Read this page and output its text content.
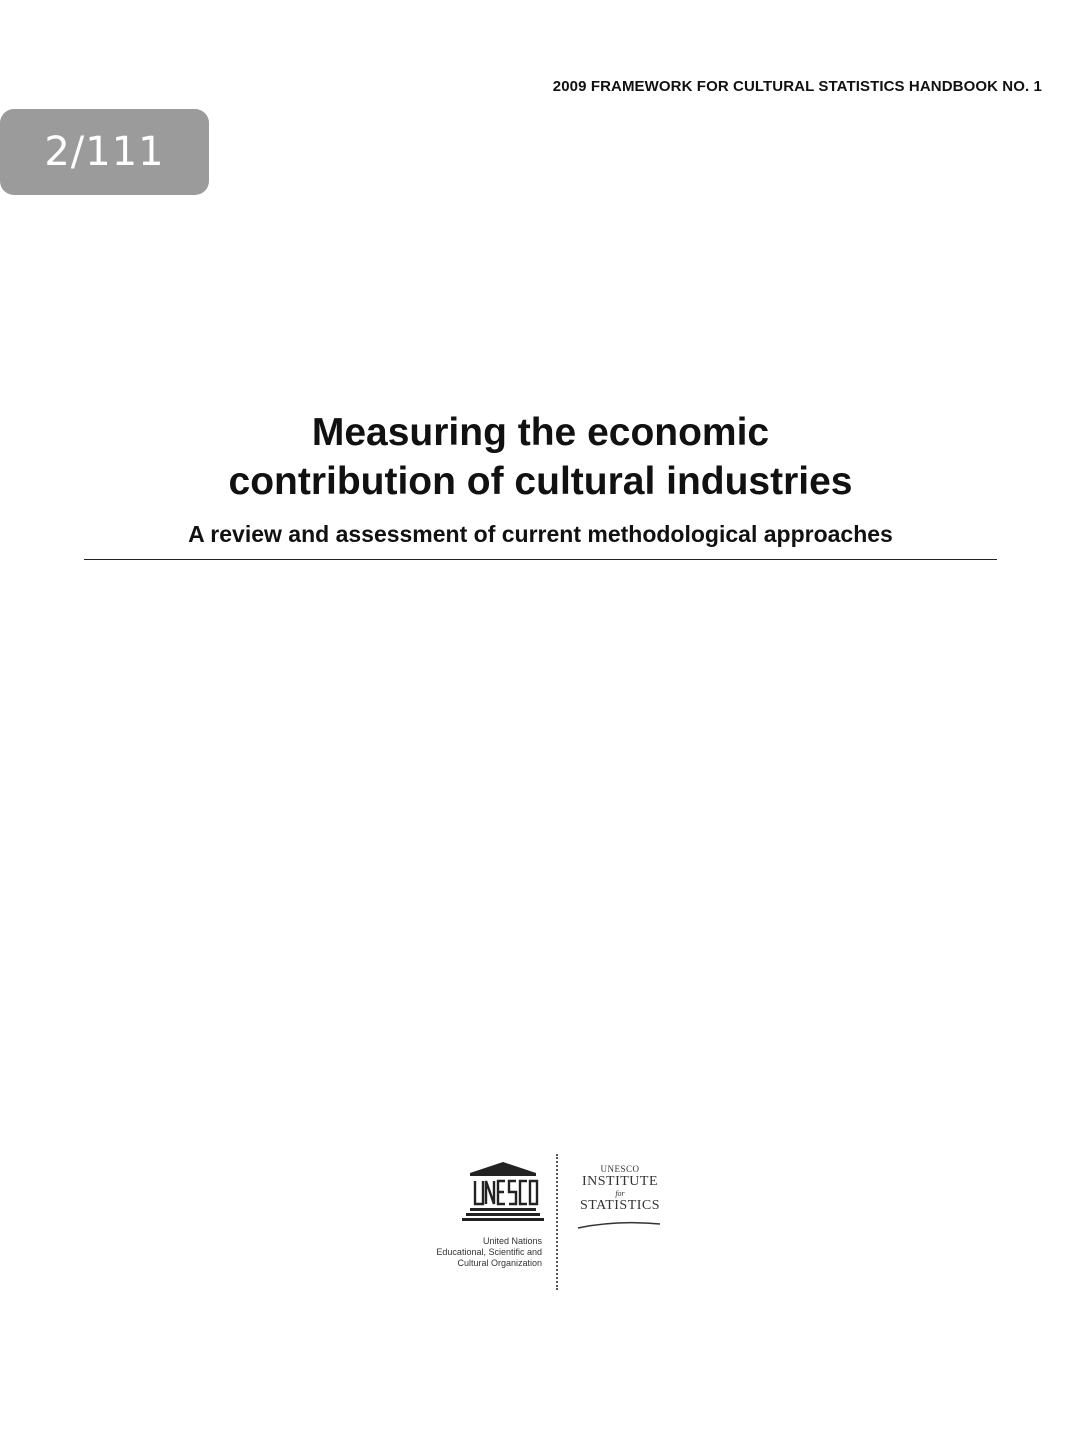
2009 FRAMEWORK FOR CULTURAL STATISTICS HANDBOOK NO. 1
2/111
Measuring the economic
contribution of cultural industries

A review and assessment of current methodological approaches

United Nations
Educational, Scientific and
Cultural Organization
UNESCO
INSTITUTE
for
STATISTICS
